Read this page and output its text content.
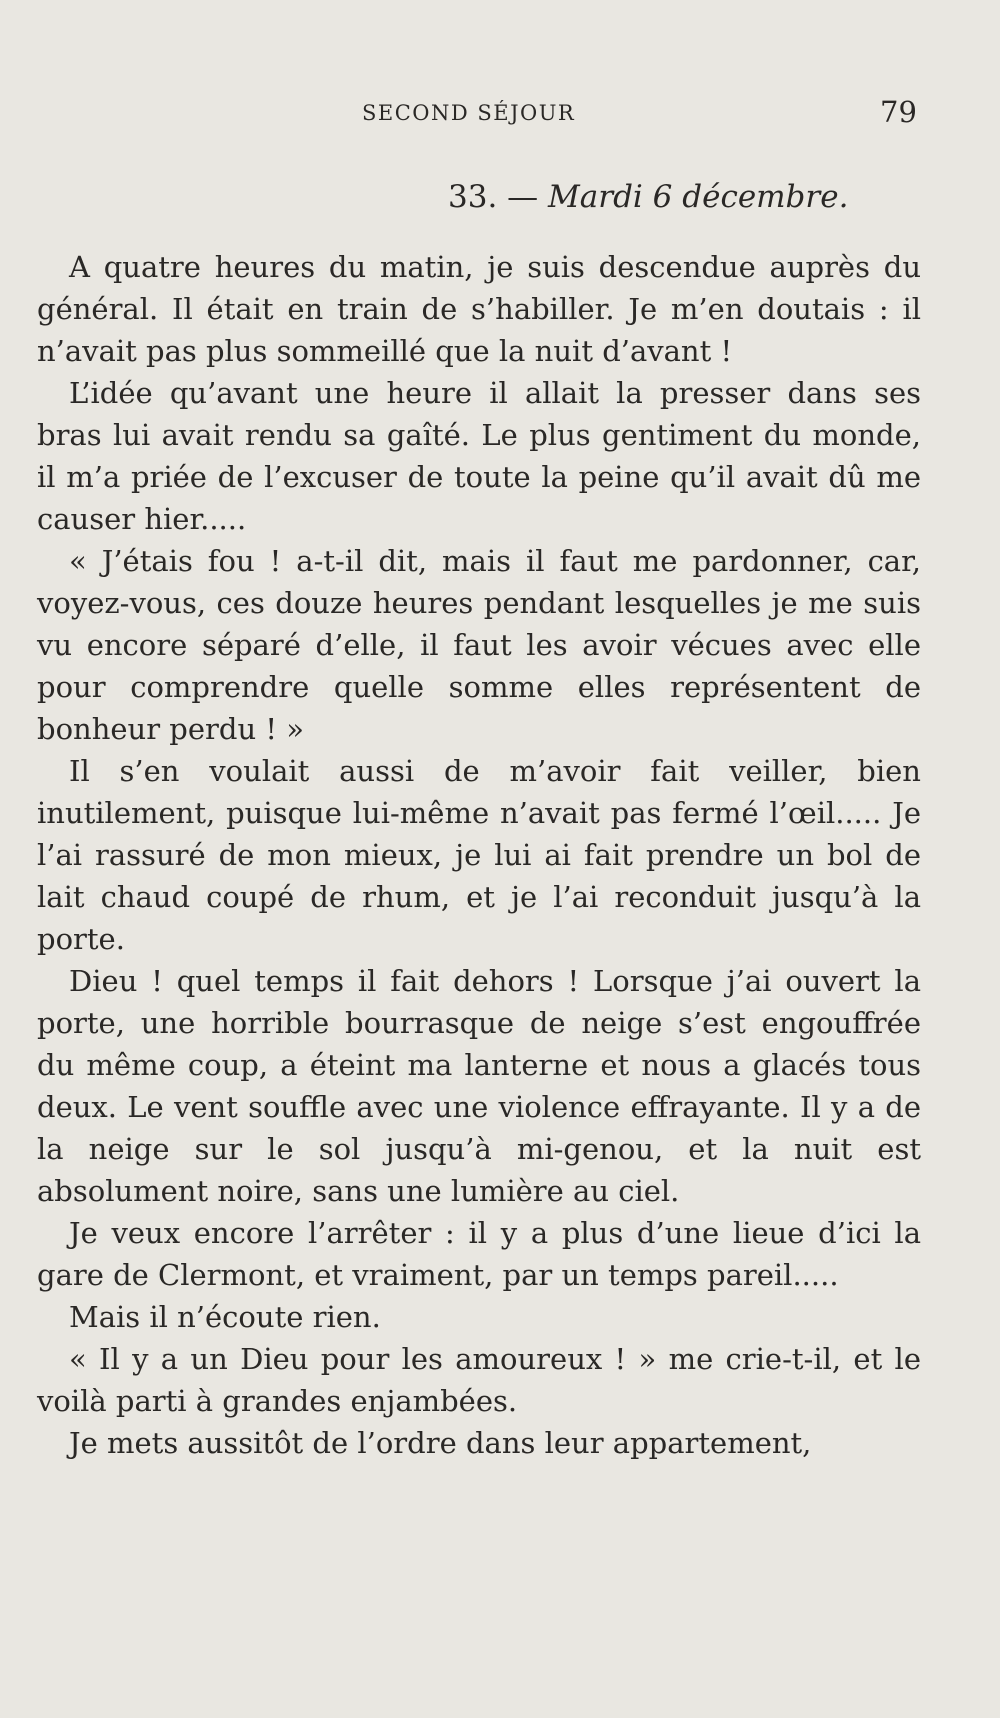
SECOND SÉJOUR	79
33. — Mardi 6 décembre.

A quatre heures du matin, je suis descendue auprès du général. Il était en train de s’habiller. Je m’en doutais : il n’avait pas plus sommeillé que la nuit d’avant !

L’idée qu’avant une heure il allait la presser dans ses bras lui avait rendu sa gaîté. Le plus gentiment du monde, il m’a priée de l’excuser de toute la peine qu’il avait dû me causer hier.....

« J’étais fou ! a-t-il dit, mais il faut me pardonner, car, voyez-vous, ces douze heures pendant lesquelles je me suis vu encore séparé d’elle, il faut les avoir vécues avec elle pour comprendre quelle somme elles représentent de bonheur perdu ! »

Il s’en voulait aussi de m’avoir fait veiller, bien inutilement, puisque lui-même n’avait pas fermé l’œil..... Je l’ai rassuré de mon mieux, je lui ai fait prendre un bol de lait chaud coupé de rhum, et je l’ai reconduit jusqu’à la porte.

Dieu ! quel temps il fait dehors ! Lorsque j’ai ouvert la porte, une horrible bourrasque de neige s’est engouffrée du même coup, a éteint ma lanterne et nous a glacés tous deux. Le vent souffle avec une violence effrayante. Il y a de la neige sur le sol jusqu’à mi-genou, et la nuit est absolument noire, sans une lumière au ciel.

Je veux encore l’arrêter : il y a plus d’une lieue d’ici la gare de Clermont, et vraiment, par un temps pareil.....

Mais il n’écoute rien.

« Il y a un Dieu pour les amoureux ! » me crie-t-il, et le voilà parti à grandes enjambées.

Je mets aussitôt de l’ordre dans leur appartement,
